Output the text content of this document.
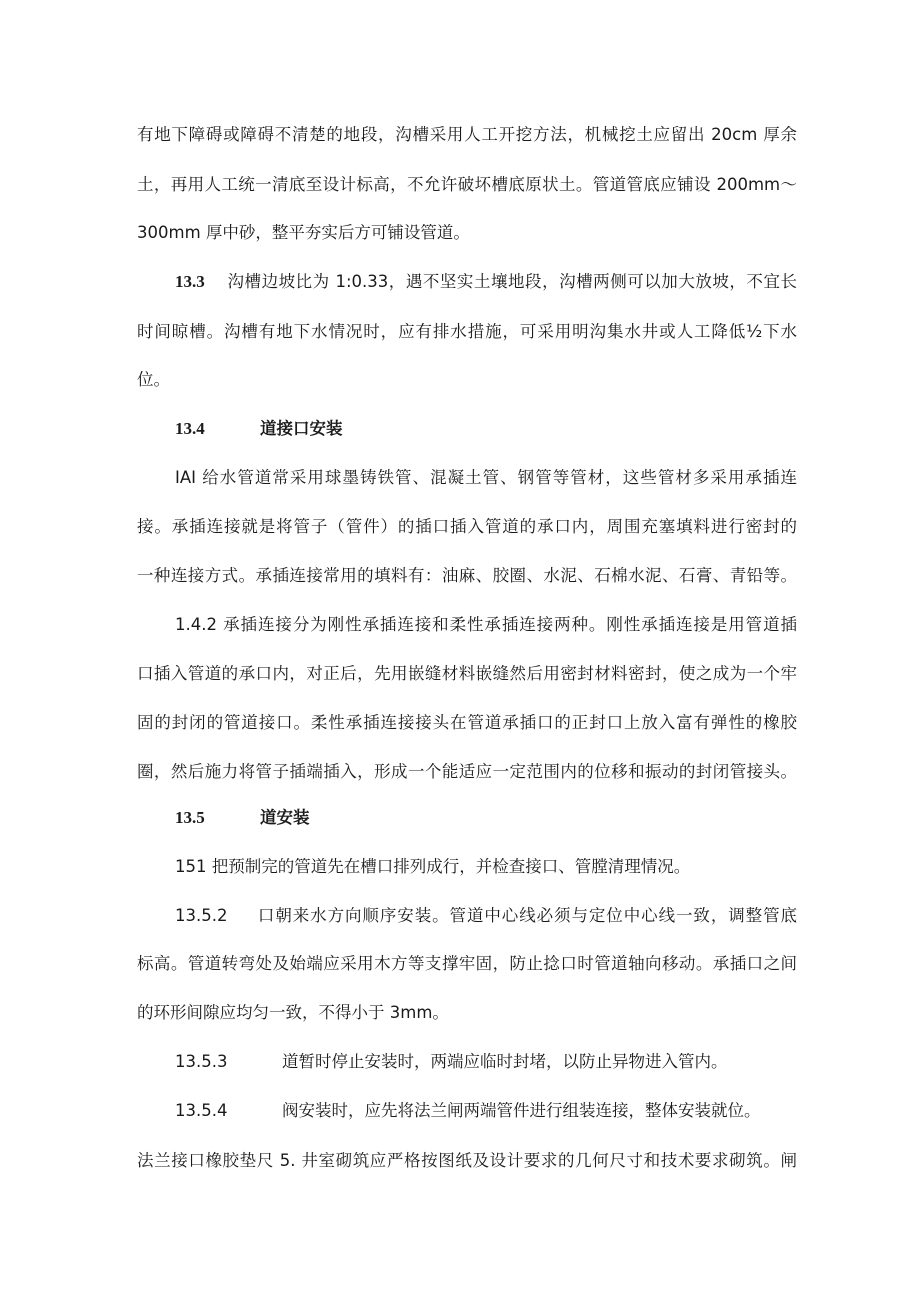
有地下障碍或障碍不清楚的地段，沟槽采用人工开挖方法，机械挖土应留出 20cm 厚余
土，再用人工统一清底至设计标高，不允许破坏槽底原状土。管道管底应铺设 200mm～
300mm 厚中砂，整平夯实后方可铺设管道。
13.3 沟槽边坡比为 1:0.33，遇不坚实土壤地段，沟槽两侧可以加大放坡，不宜长
时间晾槽。沟槽有地下水情况时，应有排水措施，可采用明沟集水井或人工降低½下水
位。
13.4	道接口安装
IAI 给水管道常采用球墨铸铁管、混凝土管、钢管等管材，这些管材多采用承插连
接。承插连接就是将管子（管件）的插口插入管道的承口内，周围充塞填料进行密封的
一种连接方式。承插连接常用的填料有：油麻、胶圈、水泥、石棉水泥、石膏、青铅等。
1.4.2 承插连接分为刚性承插连接和柔性承插连接两种。刚性承插连接是用管道插
口插入管道的承口内，对正后，先用嵌缝材料嵌缝然后用密封材料密封，使之成为一个牢
固的封闭的管道接口。柔性承插连接接头在管道承插口的正封口上放入富有弹性的橡胶
圈，然后施力将管子插端插入，形成一个能适应一定范围内的位移和振动的封闭管接头。
13.5	道安装
151 把预制完的管道先在槽口排列成行，并检查接口、管膛清理情况。
13.5.2 口朝来水方向顺序安装。管道中心线必须与定位中心线一致，调整管底
标高。管道转弯处及始端应采用木方等支撑牢固，防止捻口时管道轴向移动。承插口之间
的环形间隙应均匀一致，不得小于 3mm。
13.5.3	道暂时停止安装时，两端应临时封堵，以防止异物进入管内。
13.5.4	阀安装时，应先将法兰闸两端管件进行组装连接，整体安装就位。
法兰接口橡胶垫尺 5. 井室砌筑应严格按图纸及设计要求的几何尺寸和技术要求砌筑。闸
